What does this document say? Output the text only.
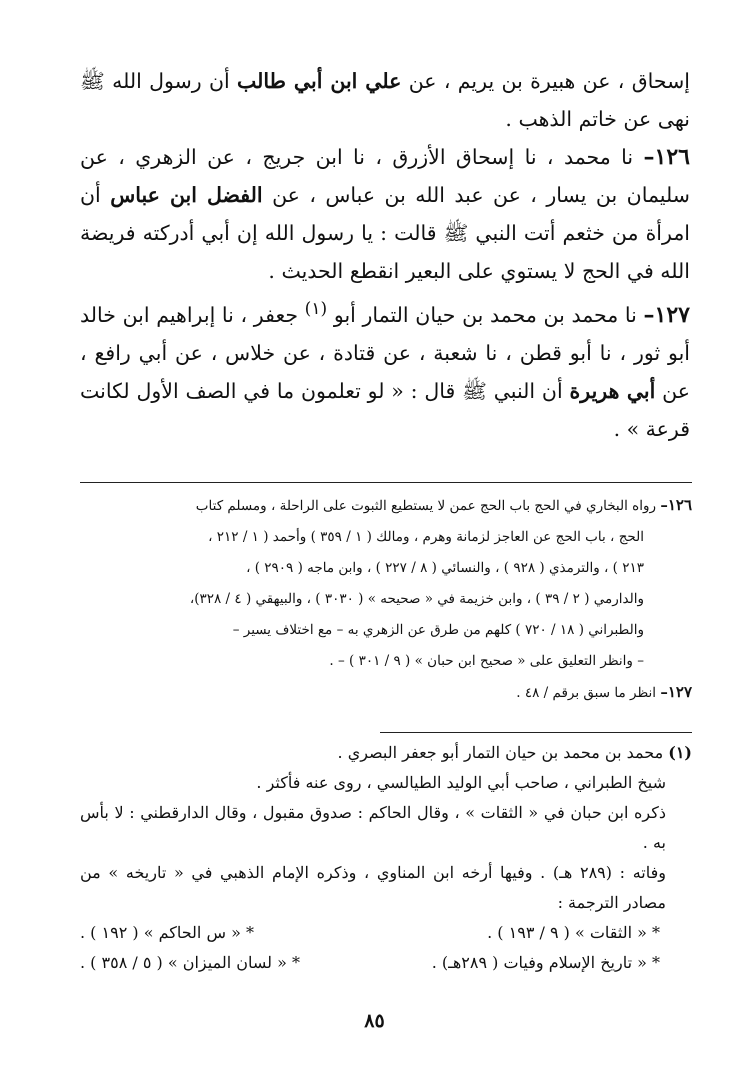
إسحاق ، عن هبيرة بن يريم ، عن علي ابن أبي طالب أن رسول الله ﷺ نهى عن خاتم الذهب .

١٢٦– نا محمد ، نا إسحاق الأزرق ، نا ابن جريج ، عن الزهري ، عن سليمان بن يسار ، عن عبد الله بن عباس ، عن الفضل ابن عباس أن امرأة من خثعم أتت النبي ﷺ قالت : يا رسول الله إن أبي أدركته فريضة الله في الحج لا يستوي على البعير انقطع الحديث .

١٢٧– نا محمد بن محمد بن حيان التمار أبو $^{(١)}$ جعفر ، نا إبراهيم ابن خالد أبو ثور ، نا أبو قطن ، نا شعبة ، عن قتادة ، عن خلاس ، عن أبي رافع ، عن أبي هريرة أن النبي ﷺ قال : « لو تعلمون ما في الصف الأول لكانت قرعة » .

١٢٦– رواه البخاري في الحج باب الحج عمن لا يستطيع الثبوت على الراحلة ، ومسلم كتاب

الحج ، باب الحج عن العاجز لزمانة وهرم ، ومالك ( ١ / ٣٥٩ ) وأحمد ( ١ / ٢١٢ ،

٢١٣ ) ، والترمذي ( ٩٢٨ ) ، والنسائي ( ٨ / ٢٢٧ ) ، وابن ماجه ( ٢٩٠٩ ) ،

والدارمي ( ٢ / ٣٩ ) ، وابن خزيمة في « صحيحه » ( ٣٠٣٠ ) ، والبيهقي ( ٤ / ٣٢٨)،

والطبراني ( ١٨ / ٧٢٠ ) كلهم من طرق عن الزهري به – مع اختلاف يسير –

– وانظر التعليق على « صحيح ابن حبان » ( ٩ / ٣٠١ ) – .

١٢٧– انظر ما سبق برقم / ٤٨ .

(١) محمد بن محمد بن حيان التمار أبو جعفر البصري .

شيخ الطبراني ، صاحب أبي الوليد الطيالسي ، روى عنه فأكثر .

ذكره ابن حبان في « الثقات » ، وقال الحاكم : صدوق مقبول ، وقال الدارقطني : لا بأس به .

وفاته : (٢٨٩ هـ) . وفيها أرخه ابن المناوي ، وذكره الإمام الذهبي في « تاريخه » من مصادر الترجمة :

* « الثقات » ( ٩ / ١٩٣ ) .
* « س الحاكم » ( ١٩٢ ) .
* « تاريخ الإسلام وفيات ( ٢٨٩هـ) .
* « لسان الميزان » ( ٥ / ٣٥٨ ) .
٨٥
